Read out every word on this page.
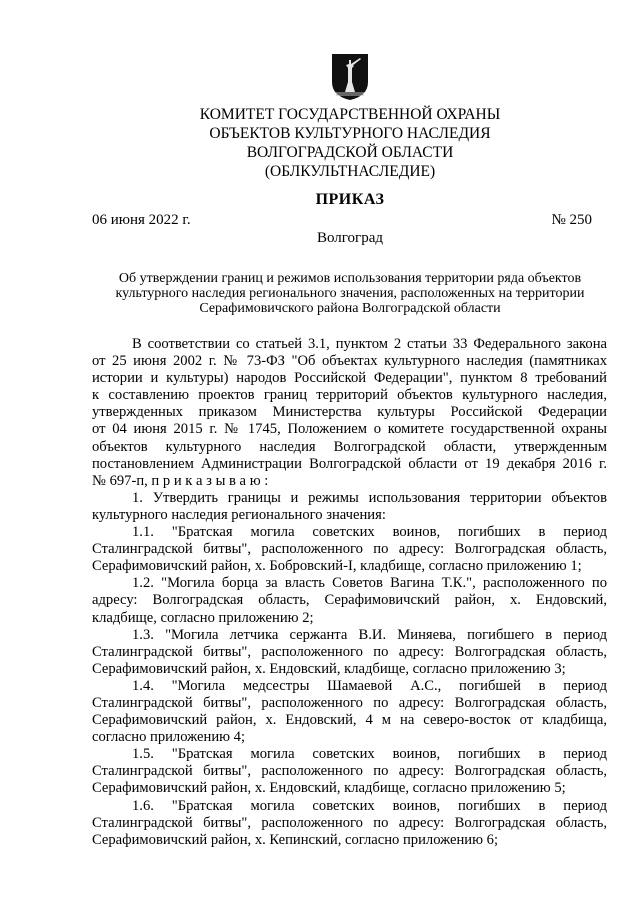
КОМИТЕТ ГОСУДАРСТВЕННОЙ ОХРАНЫ
ОБЪЕКТОВ КУЛЬТУРНОГО НАСЛЕДИЯ
ВОЛГОГРАДСКОЙ ОБЛАСТИ
(ОБЛКУЛЬТНАСЛЕДИЕ)
ПРИКАЗ
06 июня 2022 г.	№ 250
Волгоград
Об утверждении границ и режимов использования территории ряда объектов
культурного наследия регионального значения, расположенных на территории
Серафимовичского района Волгоградской области
В соответствии со статьей 3.1, пунктом 2 статьи 33 Федерального закона
от 25 июня 2002 г. № 73-ФЗ "Об объектах культурного наследия (памятниках
истории и культуры) народов Российской Федерации", пунктом 8 требований
к составлению проектов границ территорий объектов культурного наследия,
утвержденных приказом Министерства культуры Российской Федерации
от 04 июня 2015 г. № 1745, Положением о комитете государственной охраны
объектов культурного наследия Волгоградской области, утвержденным
постановлением Администрации Волгоградской области от 19 декабря 2016 г.
№ 697-п, п р и к а з ы в а ю :
1. Утвердить границы и режимы использования территории объектов
культурного наследия регионального значения:
1.1. "Братская могила советских воинов, погибших в период
Сталинградской битвы", расположенного по адресу: Волгоградская область,
Серафимовичский район, х. Бобровский-I, кладбище, согласно приложению 1;
1.2. "Могила борца за власть Советов Вагина Т.К.", расположенного по
адресу: Волгоградская область, Серафимовичский район, х. Ендовский,
кладбище, согласно приложению 2;
1.3. "Могила летчика сержанта В.И. Миняева, погибшего в период
Сталинградской битвы", расположенного по адресу: Волгоградская область,
Серафимовичский район, х. Ендовский, кладбище, согласно приложению 3;
1.4. "Могила медсестры Шамаевой А.С., погибшей в период
Сталинградской битвы", расположенного по адресу: Волгоградская область,
Серафимовичский район, х. Ендовский, 4 м на северо-восток от кладбища,
согласно приложению 4;
1.5. "Братская могила советских воинов, погибших в период
Сталинградской битвы", расположенного по адресу: Волгоградская область,
Серафимовичский район, х. Ендовский, кладбище, согласно приложению 5;
1.6. "Братская могила советских воинов, погибших в период
Сталинградской битвы", расположенного по адресу: Волгоградская область,
Серафимовичский район, х. Кепинский, согласно приложению 6;
